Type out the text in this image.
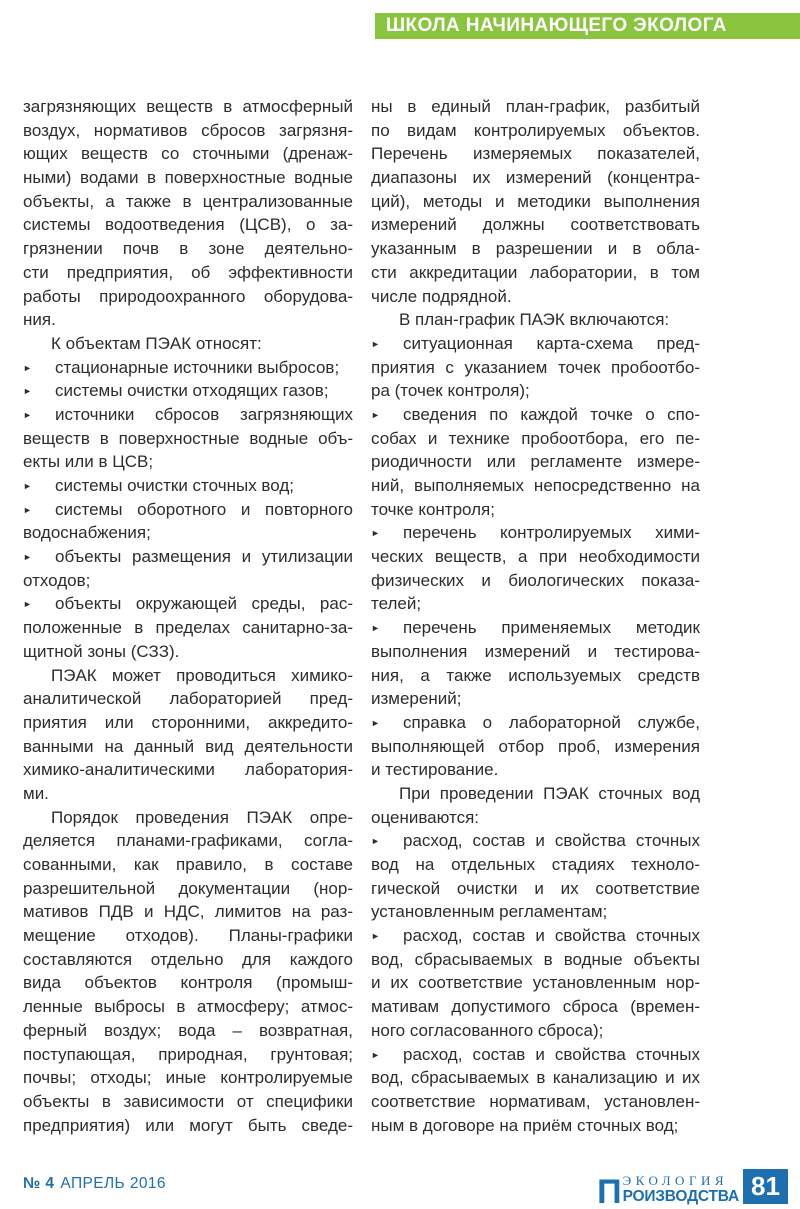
ШКОЛА НАЧИНАЮЩЕГО ЭКОЛОГА
загрязняющих веществ в атмосферный
воздух, нормативов сбросов загрязня-
ющих веществ со сточными (дренаж-
ными) водами в поверхностные водные
объекты, а также в централизованные
системы водоотведения (ЦСВ), о за-
грязнении почв в зоне деятельно-
сти предприятия, об эффективности
работы природоохранного оборудова-
ния.
К объектам ПЭАК относят:
► стационарные источники выбросов;
► системы очистки отходящих газов;
► источники сбросов загрязняющих
веществ в поверхностные водные объ-
екты или в ЦСВ;
► системы очистки сточных вод;
► системы оборотного и повторного
водоснабжения;
► объекты размещения и утилизации
отходов;
► объекты окружающей среды, рас-
положенные в пределах санитарно-за-
щитной зоны (СЗЗ).
ПЭАК может проводиться химико-
аналитической лабораторией пред-
приятия или сторонними, аккредито-
ванными на данный вид деятельности
химико-аналитическими лаборатория-
ми.
Порядок проведения ПЭАК опре-
деляется планами-графиками, согла-
сованными, как правило, в составе
разрешительной документации (нор-
мативов ПДВ и НДС, лимитов на раз-
мещение отходов). Планы-графики
составляются отдельно для каждого
вида объектов контроля (промыш-
ленные выбросы в атмосферу; атмос-
ферный воздух; вода – возвратная,
поступающая, природная, грунтовая;
почвы; отходы; иные контролируемые
объекты в зависимости от специфики
предприятия) или могут быть сведе-
ны в единый план-график, разбитый
по видам контролируемых объектов.
Перечень измеряемых показателей,
диапазоны их измерений (концентра-
ций), методы и методики выполнения
измерений должны соответствовать
указанным в разрешении и в обла-
сти аккредитации лаборатории, в том
числе подрядной.
В план-график ПАЭК включаются:
► ситуационная карта-схема пред-
приятия с указанием точек пробоотбо-
ра (точек контроля);
► сведения по каждой точке о спо-
собах и технике пробоотбора, его пе-
риодичности или регламенте измере-
ний, выполняемых непосредственно на
точке контроля;
► перечень контролируемых хими-
ческих веществ, а при необходимости
физических и биологических показа-
телей;
► перечень применяемых методик
выполнения измерений и тестирова-
ния, а также используемых средств
измерений;
► справка о лабораторной службе,
выполняющей отбор проб, измерения
и тестирование.
При проведении ПЭАК сточных вод
оцениваются:
► расход, состав и свойства сточных
вод на отдельных стадиях техноло-
гической очистки и их соответствие
установленным регламентам;
► расход, состав и свойства сточных
вод, сбрасываемых в водные объекты
и их соответствие установленным нор-
мативам допустимого сброса (времен-
ного согласованного сброса);
► расход, состав и свойства сточных
вод, сбрасываемых в канализацию и их
соответствие нормативам, установлен-
ным в договоре на приём сточных вод;
№ 4 АПРЕЛЬ 2016	П ЭКОЛОГИЯ
РОИЗВОДСТВА 81
